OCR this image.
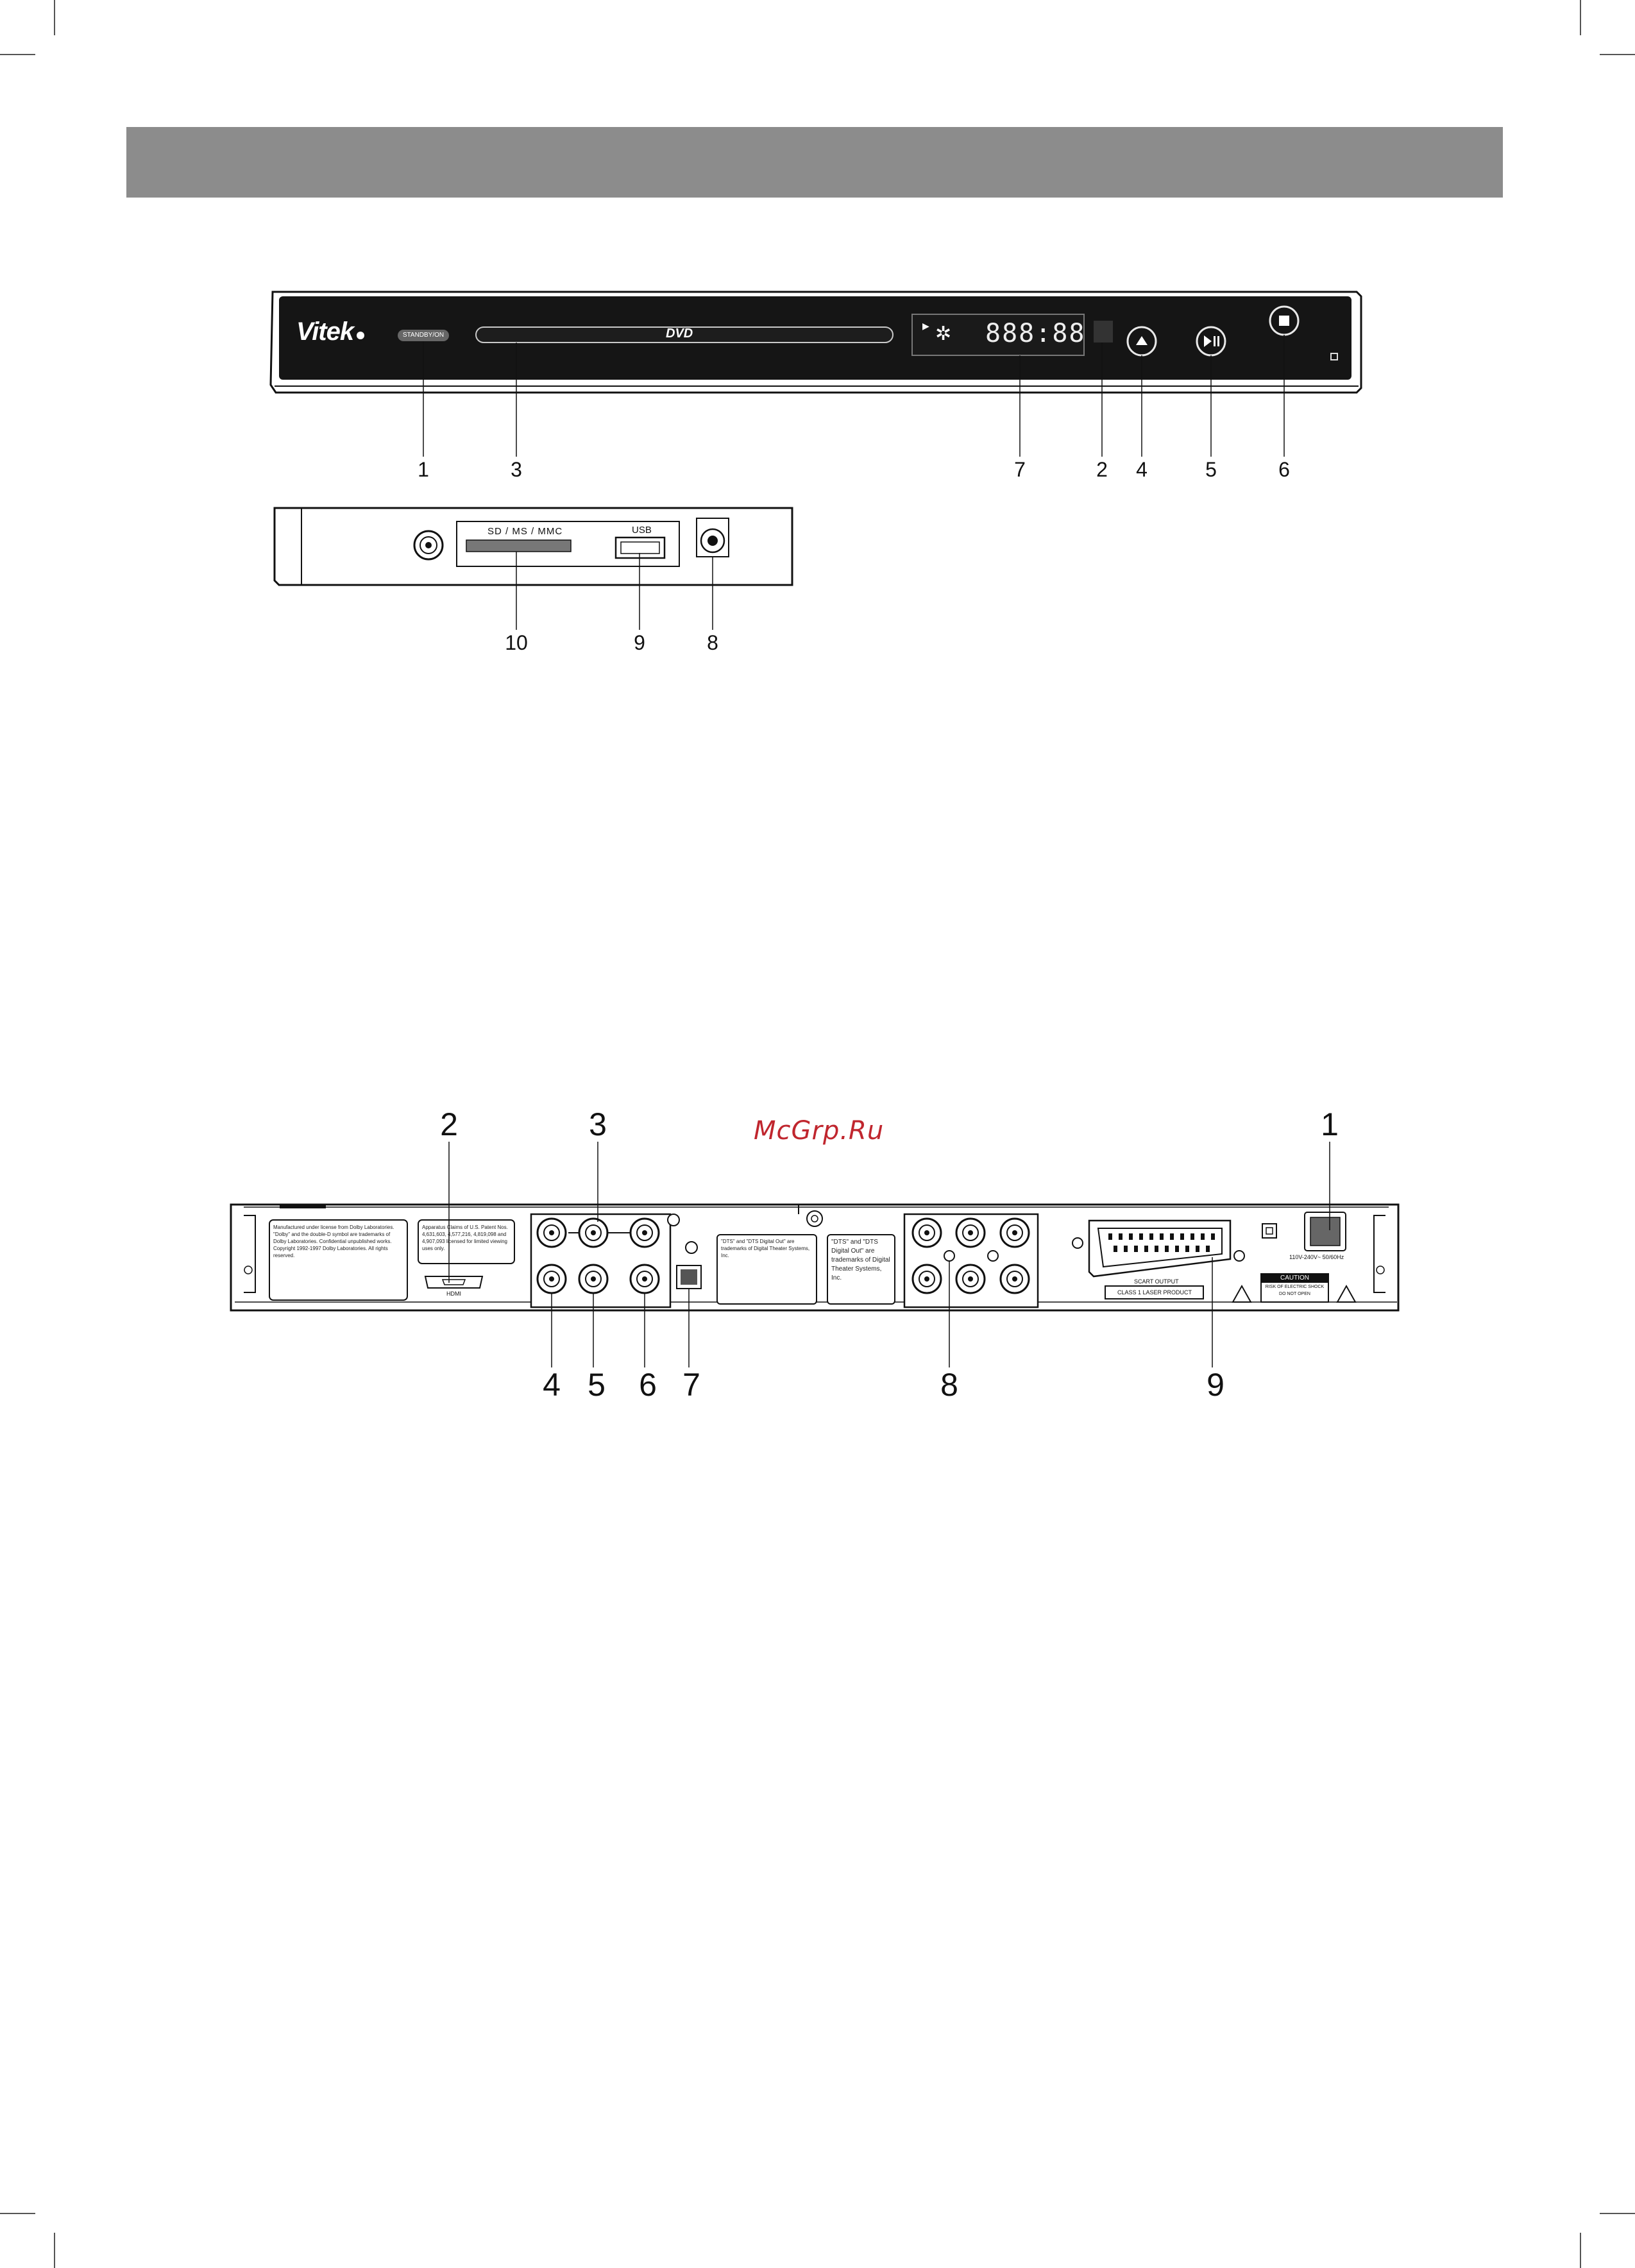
Vitek	STANDBY/ON	DVD
▶ ✲ 888:88
1	3	7	2 4	5	6
SD / MS / MMC	USB
10	9	8
McGrp.Ru
Manufactured under license from Dolby Laboratories. "Dolby" and the double-D symbol are trademarks of Dolby Laboratories. Confidential unpublished works. Copyright 1992-1997 Dolby Laboratories. All rights reserved.
Apparatus Claims of U.S. Patent Nos. 4,631,603, 4,577,216, 4,819,098 and 4,907,093 licensed for limited viewing uses only.
HDMI
"DTS" and "DTS Digital Out" are trademarks of Digital Theater Systems, Inc.
"DTS" and "DTS Digital Out" are trademarks of Digital Theater Systems, Inc.	SCART OUTPUT
CLASS 1 LASER PRODUCT
110V-240V~ 50/60Hz
CAUTION
RISK OF ELECTRIC SHOCK
DO NOT OPEN
2	3	1
4 5 6 7	8	9
